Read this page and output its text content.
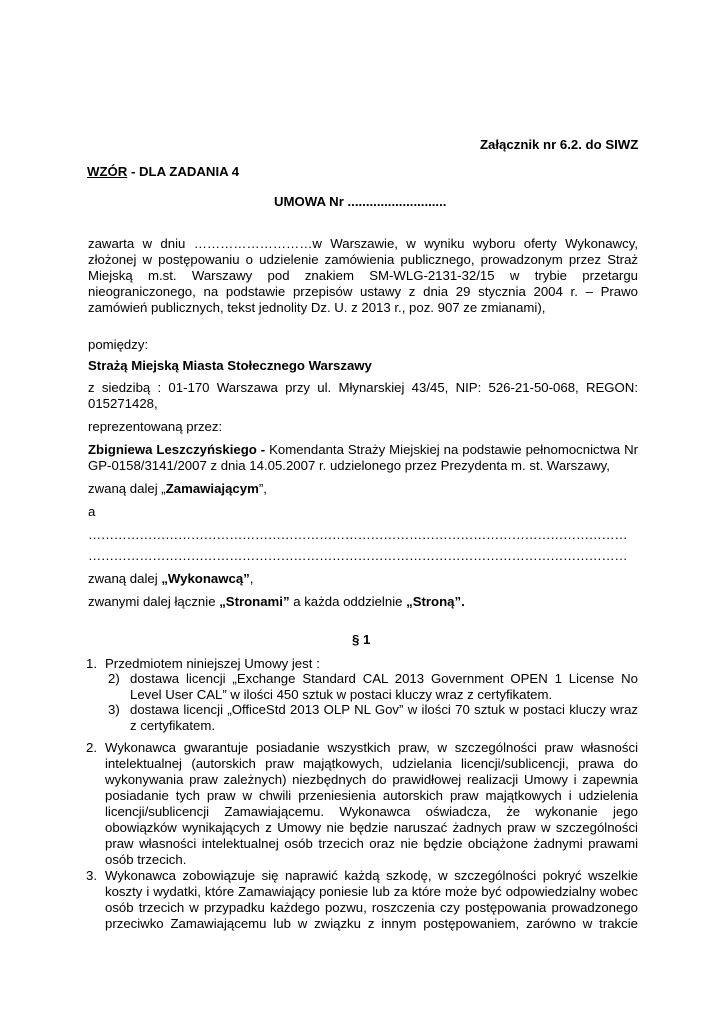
Załącznik nr 6.2. do SIWZ
WZÓR - DLA ZADANIA 4
UMOWA Nr ...........................
zawarta w dniu ………………………w Warszawie, w wyniku wyboru oferty Wykonawcy,
złożonej w postępowaniu o udzielenie zamówienia publicznego, prowadzonym przez Straż
Miejską m.st. Warszawy pod znakiem SM-WLG-2131-32/15 w trybie przetargu
nieograniczonego, na podstawie przepisów ustawy z dnia 29 stycznia 2004 r. – Prawo
zamówień publicznych, tekst jednolity Dz. U. z 2013 r., poz. 907 ze zmianami),
pomiędzy:
Strażą Miejską Miasta Stołecznego Warszawy
z siedzibą : 01-170 Warszawa przy ul. Młynarskiej 43/45, NIP: 526-21-50-068, REGON:
015271428,
reprezentowaną przez:
Zbigniewa Leszczyńskiego - Komendanta Straży Miejskiej na podstawie pełnomocnictwa Nr
GP-0158/3141/2007 z dnia 14.05.2007 r. udzielonego przez Prezydenta m. st. Warszawy,
zwaną dalej „Zamawiającym”,
a
………………………………………………………………………………………………………………
………………………………………………………………………………………………………………
zwaną dalej „Wykonawcą”,
zwanymi dalej łącznie „Stronami” a każda oddzielnie „Stroną”.
§ 1
1. Przedmiotem niniejszej Umowy jest :
2) dostawa licencji „Exchange Standard CAL 2013 Government OPEN 1 License No
Level User CAL” w ilości 450 sztuk w postaci kluczy wraz z certyfikatem.
3) dostawa licencji „OfficeStd 2013 OLP NL Gov” w ilości 70 sztuk w postaci kluczy wraz
z certyfikatem.
2. Wykonawca gwarantuje posiadanie wszystkich praw, w szczególności praw własności
intelektualnej (autorskich praw majątkowych, udzielania licencji/sublicencji, prawa do
wykonywania praw zależnych) niezbędnych do prawidłowej realizacji Umowy i zapewnia
posiadanie tych praw w chwili przeniesienia autorskich praw majątkowych i udzielenia
licencji/sublicencji Zamawiającemu. Wykonawca oświadcza, że wykonanie jego
obowiązków wynikających z Umowy nie będzie naruszać żadnych praw w szczególności
praw własności intelektualnej osób trzecich oraz nie będzie obciążone żadnymi prawami
osób trzecich.
3. Wykonawca zobowiązuje się naprawić każdą szkodę, w szczególności pokryć wszelkie
koszty i wydatki, które Zamawiający poniesie lub za które może być odpowiedzialny wobec
osób trzecich w przypadku każdego pozwu, roszczenia czy postępowania prowadzonego
przeciwko Zamawiającemu lub w związku z innym postępowaniem, zarówno w trakcie
